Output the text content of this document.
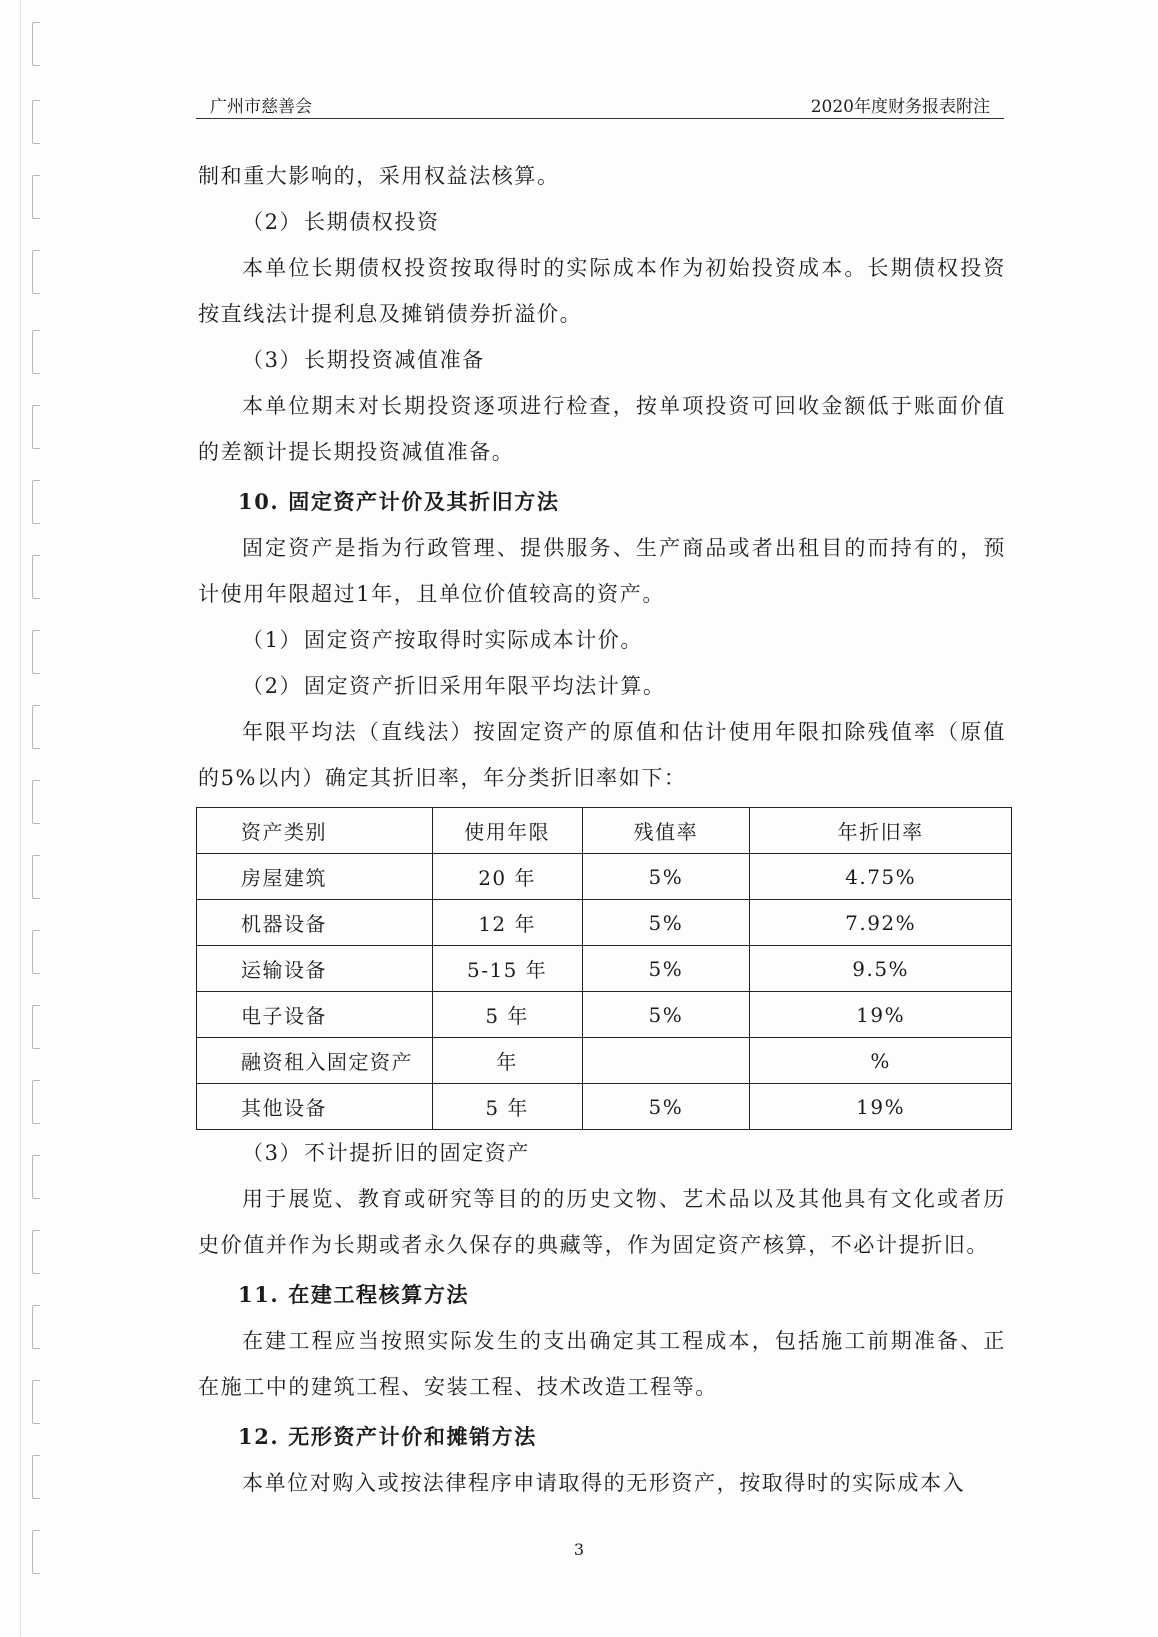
广州市慈善会	2020年度财务报表附注

制和重大影响的，采用权益法核算。

（2）长期债权投资

本单位长期债权投资按取得时的实际成本作为初始投资成本。长期债权投资按直线法计提利息及摊销债券折溢价。

（3）长期投资减值准备

本单位期末对长期投资逐项进行检查，按单项投资可回收金额低于账面价值的差额计提长期投资减值准备。

10. 固定资产计价及其折旧方法

固定资产是指为行政管理、提供服务、生产商品或者出租目的而持有的，预计使用年限超过1年，且单位价值较高的资产。

（1）固定资产按取得时实际成本计价。

（2）固定资产折旧采用年限平均法计算。

年限平均法（直线法）按固定资产的原值和估计使用年限扣除残值率（原值的5%以内）确定其折旧率，年分类折旧率如下：

资产类别	使用年限	残值率	年折旧率
房屋建筑	20 年	5%	4.75%
机器设备	12 年	5%	7.92%
运输设备	5-15 年	5%	9.5%
电子设备	5 年	5%	19%
融资租入固定资产	年		%
其他设备	5 年	5%	19%

（3）不计提折旧的固定资产

用于展览、教育或研究等目的的历史文物、艺术品以及其他具有文化或者历史价值并作为长期或者永久保存的典藏等，作为固定资产核算，不必计提折旧。

11. 在建工程核算方法

在建工程应当按照实际发生的支出确定其工程成本，包括施工前期准备、正在施工中的建筑工程、安装工程、技术改造工程等。

12. 无形资产计价和摊销方法

本单位对购入或按法律程序申请取得的无形资产，按取得时的实际成本入

3
